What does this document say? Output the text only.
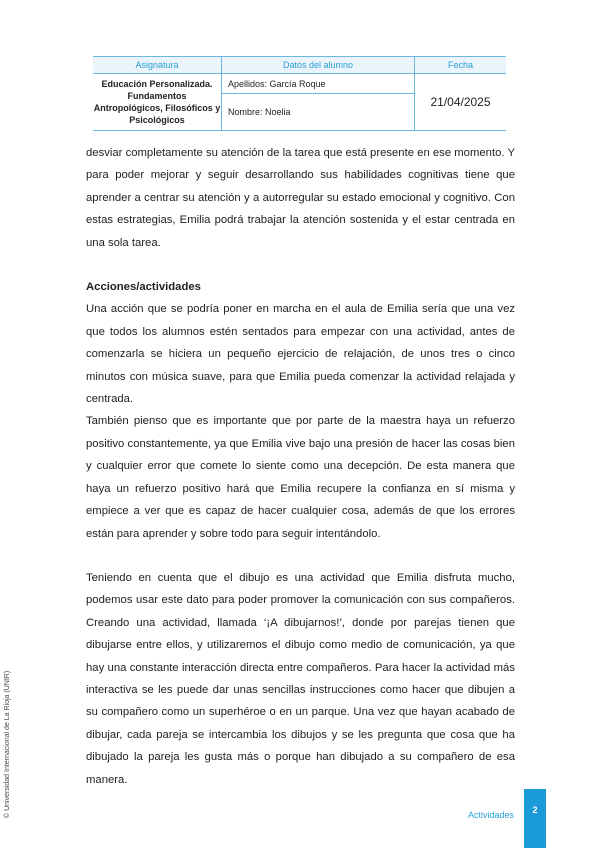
Asignatura	Datos del alumno	Fecha
Educación Personalizada. Fundamentos Antropológicos, Filosóficos y Psicológicos	Apellidos: García Roque	21/04/2025
	Nombre: Noelia	

desviar completamente su atención de la tarea que está presente en ese momento. Y para poder mejorar y seguir desarrollando sus habilidades cognitivas tiene que aprender a centrar su atención y a autorregular su estado emocional y cognitivo. Con estas estrategias, Emilia podrá trabajar la atención sostenida y el estar centrada en una sola tarea.

Acciones/actividades

Una acción que se podría poner en marcha en el aula de Emilia sería que una vez que todos los alumnos estén sentados para empezar con una actividad, antes de comenzarla se hiciera un pequeño ejercicio de relajación, de unos tres o cinco minutos con música suave, para que Emilia pueda comenzar la actividad relajada y centrada.

También pienso que es importante que por parte de la maestra haya un refuerzo positivo constantemente, ya que Emilia vive bajo una presión de hacer las cosas bien y cualquier error que comete lo siente como una decepción. De esta manera que haya un refuerzo positivo hará que Emilia recupere la confianza en sí misma y empiece a ver que es capaz de hacer cualquier cosa, además de que los errores están para aprender y sobre todo para seguir intentándolo.

Teniendo en cuenta que el dibujo es una actividad que Emilia disfruta mucho, podemos usar este dato para poder promover la comunicación con sus compañeros. Creando una actividad, llamada ‘¡A dibujarnos!’, donde por parejas tienen que dibujarse entre ellos, y utilizaremos el dibujo como medio de comunicación, ya que hay una constante interacción directa entre compañeros. Para hacer la actividad más interactiva se les puede dar unas sencillas instrucciones como hacer que dibujen a su compañero como un superhéroe o en un parque. Una vez que hayan acabado de dibujar, cada pareja se intercambia los dibujos y se les pregunta que cosa que ha dibujado la pareja les gusta más o porque han dibujado a su compañero de esa manera.

© Universidad Internacional de La Rioja (UNIR)	Actividades	2
